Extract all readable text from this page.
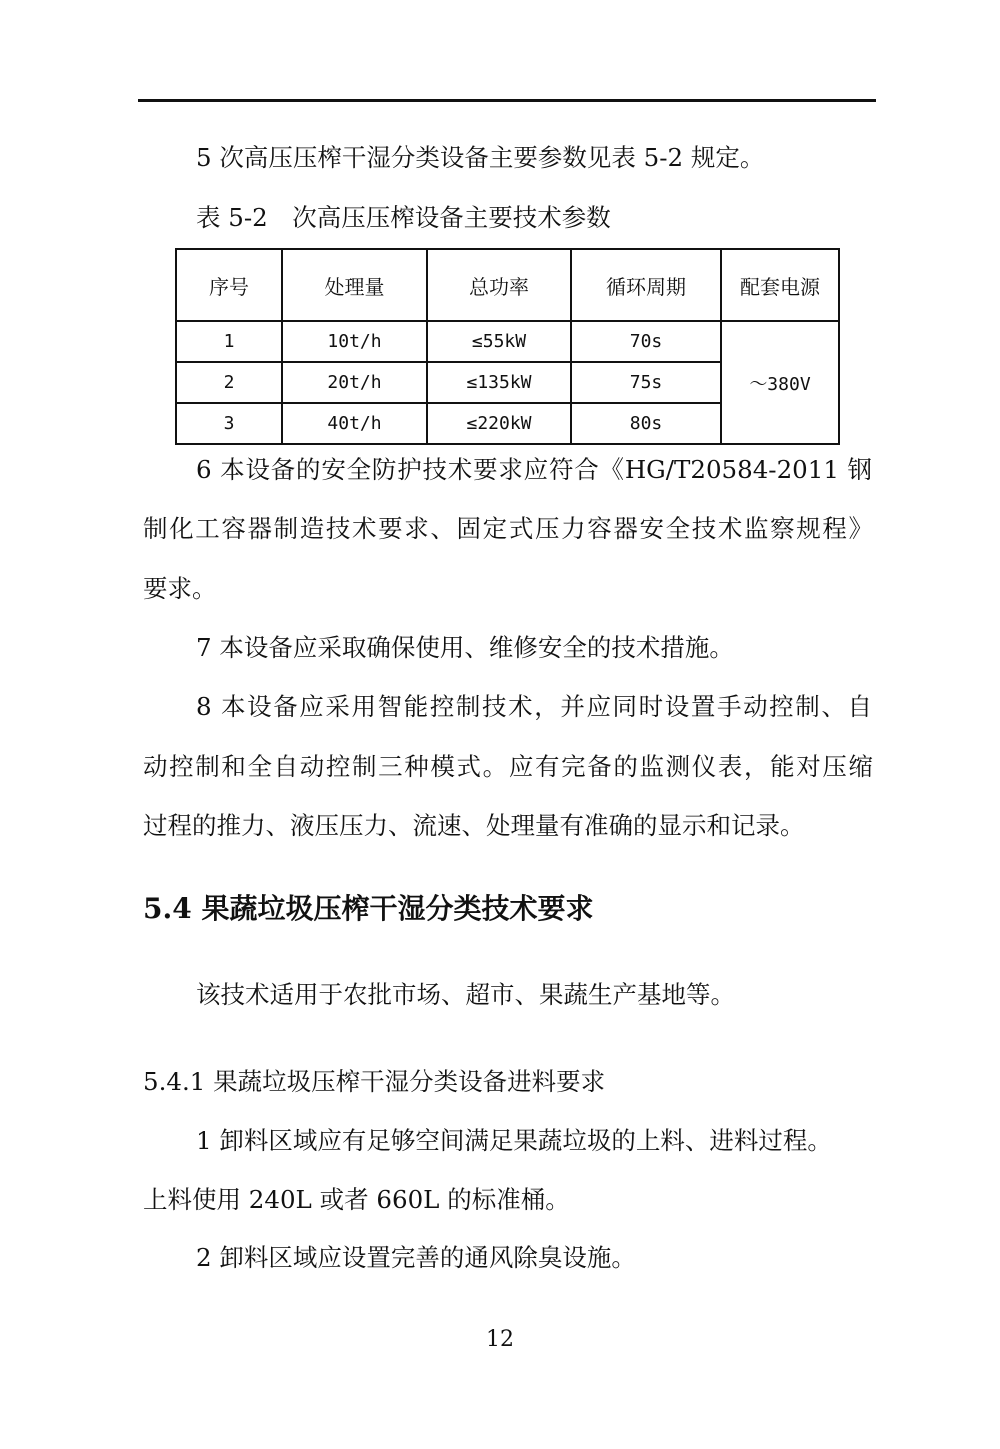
5 次高压压榨干湿分类设备主要参数见表 5-2 规定。
表 5-2　次高压压榨设备主要技术参数
序号	处理量	总功率	循环周期	配套电源
1	10t/h	≤55kW	70s	～380V
2	20t/h	≤135kW	75s	
3	40t/h	≤220kW	80s	
6 本设备的安全防护技术要求应符合《HG/T20584-2011 钢
制化工容器制造技术要求、固定式压力容器安全技术监察规程》
要求。
7 本设备应采取确保使用、维修安全的技术措施。
8 本设备应采用智能控制技术，并应同时设置手动控制、自
动控制和全自动控制三种模式。应有完备的监测仪表，能对压缩
过程的推力、液压压力、流速、处理量有准确的显示和记录。
5.4 果蔬垃圾压榨干湿分类技术要求
该技术适用于农批市场、超市、果蔬生产基地等。
5.4.1 果蔬垃圾压榨干湿分类设备进料要求
1 卸料区域应有足够空间满足果蔬垃圾的上料、进料过程。
上料使用 240L 或者 660L 的标准桶。
2 卸料区域应设置完善的通风除臭设施。
12
